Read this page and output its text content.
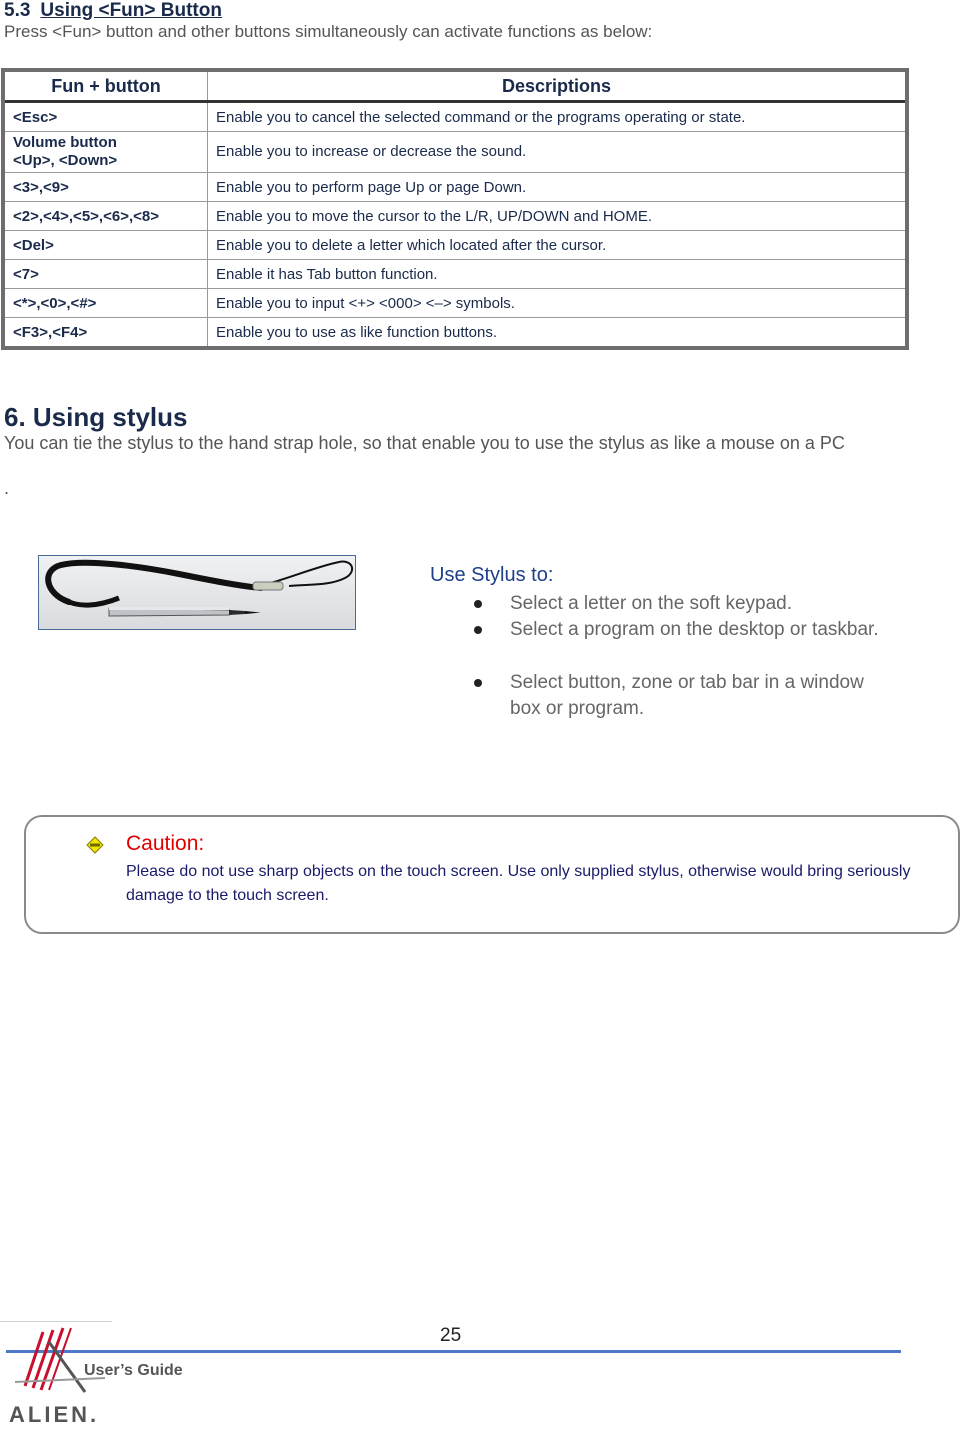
5.3 Using <Fun> Button
Press <Fun> button and other buttons simultaneously can activate functions as below:
Fun + button	Descriptions
<Esc>	Enable you to cancel the selected command or the programs operating or state.
Volume button
<Up>, <Down>	Enable you to increase or decrease the sound.
<3>,<9>	Enable you to perform page Up or page Down.
<2>,<4>,<5>,<6>,<8>	Enable you to move the cursor to the L/R, UP/DOWN and HOME.
<Del>	Enable you to delete a letter which located after the cursor.
<7>	Enable it has Tab button function.
<*>,<0>,<#>	Enable you to input <+> <000> <–> symbols.
<F3>,<F4>	Enable you to use as like function buttons.
6. Using stylus
You can tie the stylus to the hand strap hole, so that enable you to use the stylus as like a mouse on a PC
.
Use Stylus to:
Select a letter on the soft keypad.
Select a program on the desktop or taskbar.
Select button, zone or tab bar in a window box or program.
Caution:
Please do not use sharp objects on the touch screen. Use only supplied stylus, otherwise would bring seriously damage to the touch screen.
25
ALIEN.
User’s Guide
